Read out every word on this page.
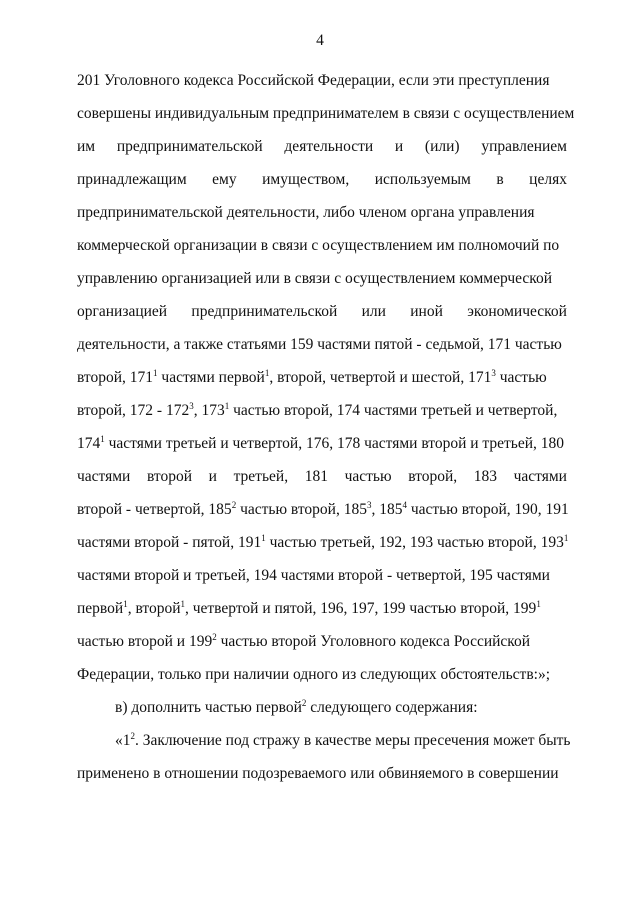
4
201 Уголовного кодекса Российской Федерации, если эти преступления
совершены индивидуальным предпринимателем в связи с осуществлением
им предпринимательской деятельности и (или) управлением
принадлежащим ему имуществом, используемым в целях
предпринимательской деятельности, либо членом органа управления
коммерческой организации в связи с осуществлением им полномочий по
управлению организацией или в связи с осуществлением коммерческой
организацией предпринимательской или иной экономической
деятельности, а также статьями 159 частями пятой - седьмой, 171 частью
второй, $171^1$ частями первой$^1$, второй, четвертой и шестой, $171^3$ частью
второй, $172 - 172^3$, $173^1$ частью второй, 174 частями третьей и четвертой,
$174^1$ частями третьей и четвертой, 176, 178 частями второй и третьей, 180
частями второй и третьей, 181 частью второй, 183 частями
второй - четвертой, $185^2$ частью второй, $185^3$, $185^4$ частью второй, 190, 191
частями второй - пятой, $191^1$ частью третьей, 192, 193 частью второй, $193^1$
частями второй и третьей, 194 частями второй - четвертой, 195 частями
первой$^1$, второй$^1$, четвертой и пятой, 196, 197, 199 частью второй, $199^1$
частью второй и $199^2$ частью второй Уголовного кодекса Российской
Федерации, только при наличии одного из следующих обстоятельств:»;
в) дополнить частью первой$^2$ следующего содержания:
«$1^2$. Заключение под стражу в качестве меры пресечения может быть
применено в отношении подозреваемого или обвиняемого в совершении
